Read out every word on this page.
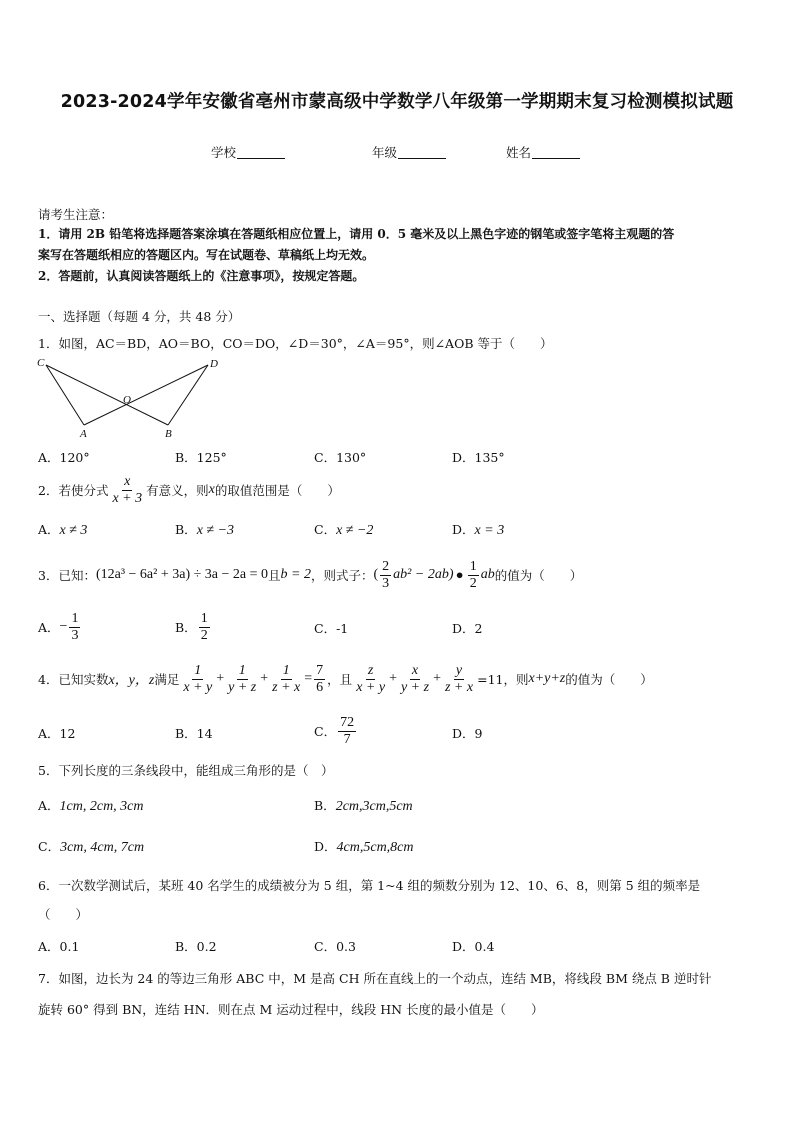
2023-2024学年安徽省亳州市蒙高级中学数学八年级第一学期期末复习检测模拟试题
学校	年级	姓名
请考生注意：
1．请用 2B 铅笔将选择题答案涂填在答题纸相应位置上，请用 0．5 毫米及以上黑色字迹的钢笔或签字笔将主观题的答
案写在答题纸相应的答题区内。写在试题卷、草稿纸上均无效。
2．答题前，认真阅读答题纸上的《注意事项》，按规定答题。
一、选择题（每题 4 分，共 48 分）
1．如图，AC＝BD，AO＝BO，CO＝DO，∠D＝30°，∠A＝95°，则∠AOB 等于（　　）
C	D
O
A	B
A．120°	B．125°	C．130°	D．135°
2．若使分式 $\frac{x}{x + 3}$ 有意义，则 x 的取值范围是（　　）
A．x ≠ 3	B．x ≠ −3	C．x ≠ −2	D．x = 3
3．已知： (12a³ − 6a² + 3a) ÷ 3a − 2a = 0 且 b = 2 ，则式子： ( $\frac{2}{3} ab^2 - 2ab$) • $\frac{1}{2}$ ab 的值为（　　）
A． − $\frac{1}{3}$	B． $\frac{1}{2}$	C．-1	D．2
4．已知实数 x，y，z 满足 $\frac{1}{x + y} + \frac{1}{y + z} + \frac{1}{z + x} = \frac{7}{6}$ ，且 $\frac{z}{x + y} + \frac{x}{y + z} + \frac{y}{z + x} =11$，则 x+y+z 的值为（　　）
A．12	B．14	C． $\frac{72}{7}$	D．9
5．下列长度的三条线段中，能组成三角形的是（　）
A．1cm, 2cm, 3cm	B．2cm,3cm,5cm
C．3cm, 4cm, 7cm	D．4cm,5cm,8cm
6．一次数学测试后，某班 40 名学生的成绩被分为 5 组，第 1~4 组的频数分别为 12、10、6、8，则第 5 组的频率是
（　　）
A．0.1	B．0.2	C．0.3	D．0.4
7．如图，边长为 24 的等边三角形 ABC 中，M 是高 CH 所在直线上的一个动点，连结 MB，将线段 BM 绕点 B 逆时针
旋转 60° 得到 BN，连结 HN．则在点 M 运动过程中，线段 HN 长度的最小值是（　　）
